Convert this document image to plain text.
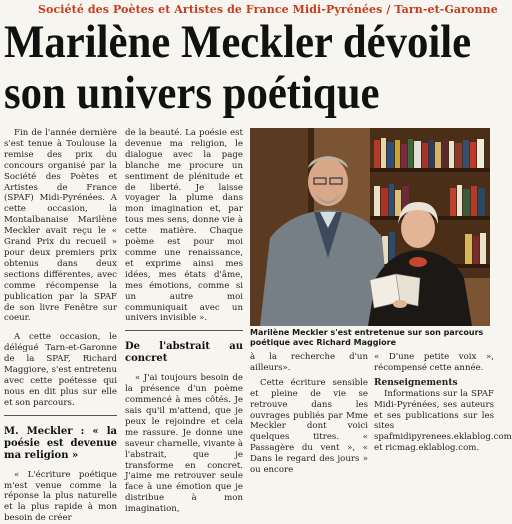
Société des Poètes et Artistes de France Midi-Pyrénées / Tarn-et-Garonne
Marilène Meckler dévoile
son univers poétique

Fin de l'année dernière s'est tenue à Toulouse la remise des prix du concours organisé par la Société des Poètes et Artistes de France (SPAF) Midi-Pyrénées. A cette occasion, la Montalbanaise Marilène Meckler avait reçu le « Grand Prix du recueil » pour deux premiers prix obtenus dans deux sections différentes, avec comme récompense la publication par la SPAF de son livre Fenêtre sur coeur.

A cette occasion, le délégué Tarn-et-Garonne de la SPAF, Richard Maggiore, s'est entretenu avec cette poétesse qui nous en dit plus sur elle et son parcours.

M. Meckler : « la poésie est devenue ma religion »

« L'écriture poétique m'est venue comme la réponse la plus naturelle et la plus rapide à mon besoin de créer

de la beauté. La poésie est devenue ma religion, le dialogue avec la page blanche me procure un sentiment de plénitude et de liberté. Je laisse voyager la plume dans mon imagination et, par tous mes sens, donne vie à cette matière. Chaque poème est pour moi comme une renaissance, et exprime ainsi mes idées, mes états d'âme, mes émotions, comme si un autre moi communiquait avec un univers invisible ».

De l'abstrait au concret

« J'ai toujours besoin de la présence d'un poème commencé à mes côtés. Je sais qu'il m'attend, que je peux le rejoindre et cela me rassure. Je donne une saveur charnelle, vivante à l'abstrait, que je transforme en concret. J'aime me retrouver seule face à une émotion que je distribue à mon imagination,

Marilène Meckler s'est entretenue sur son parcours poétique avec Richard Maggiore

à la recherche d'un ailleurs».

Cette écriture sensible et pleine de vie se retrouve dans les ouvrages publiés par Mme Meckler dont voici quelques titres. « Passagère du vent », « Dans le regard des jours » ou encore

« D'une petite voix », récompensé cette année.

Renseignements

Informations sur la SPAF Midi-Pyrénées, ses auteurs et ses publications sur les sites spafmidipyrenees.eklablog.com et ricmag.eklablog.com.
